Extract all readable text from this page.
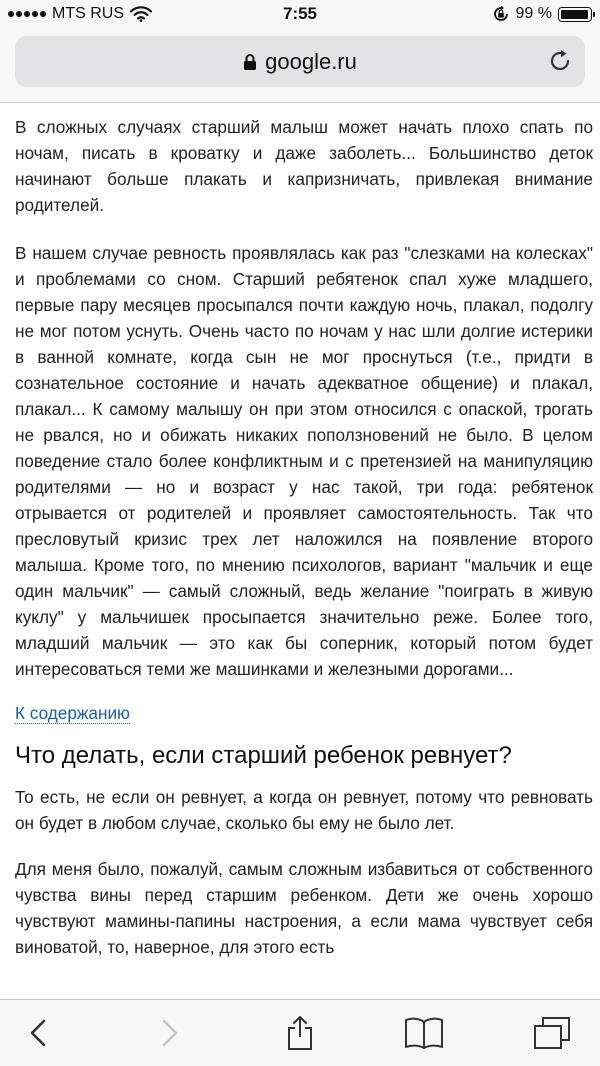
MTS RUS	7:55	99 %
google.ru

В сложных случаях старший малыш может начать плохо спать по ночам, писать в кроватку и даже заболеть... Большинство деток начинают больше плакать и капризничать, привлекая внимание родителей.

В нашем случае ревность проявлялась как раз "слезками на колесках" и проблемами со сном. Старший ребятенок спал хуже младшего, первые пару месяцев просыпался почти каждую ночь, плакал, подолгу не мог потом уснуть. Очень часто по ночам у нас шли долгие истерики в ванной комнате, когда сын не мог проснуться (т.е., придти в сознательное состояние и начать адекватное общение) и плакал, плакал... К самому малышу он при этом относился с опаской, трогать не рвался, но и обижать никаких поползновений не было. В целом поведение стало более конфликтным и с претензией на манипуляцию родителями — но и возраст у нас такой, три года: ребятенок отрывается от родителей и проявляет самостоятельность. Так что пресловутый кризис трех лет наложился на появление второго малыша. Кроме того, по мнению психологов, вариант "мальчик и еще один мальчик" — самый сложный, ведь желание "поиграть в живую куклу" у мальчишек просыпается значительно реже. Более того, младший мальчик — это как бы соперник, который потом будет интересоваться теми же машинками и железными дорогами...

К содержанию
Что делать, если старший ребенок ревнует?

То есть, не если он ревнует, а когда он ревнует, потому что ревновать он будет в любом случае, сколько бы ему не было лет.

Для меня было, пожалуй, самым сложным избавиться от собственного чувства вины перед старшим ребенком. Дети же очень хорошо чувствуют мамины-папины настроения, а если мама чувствует себя виноватой, то, наверное, для этого есть
